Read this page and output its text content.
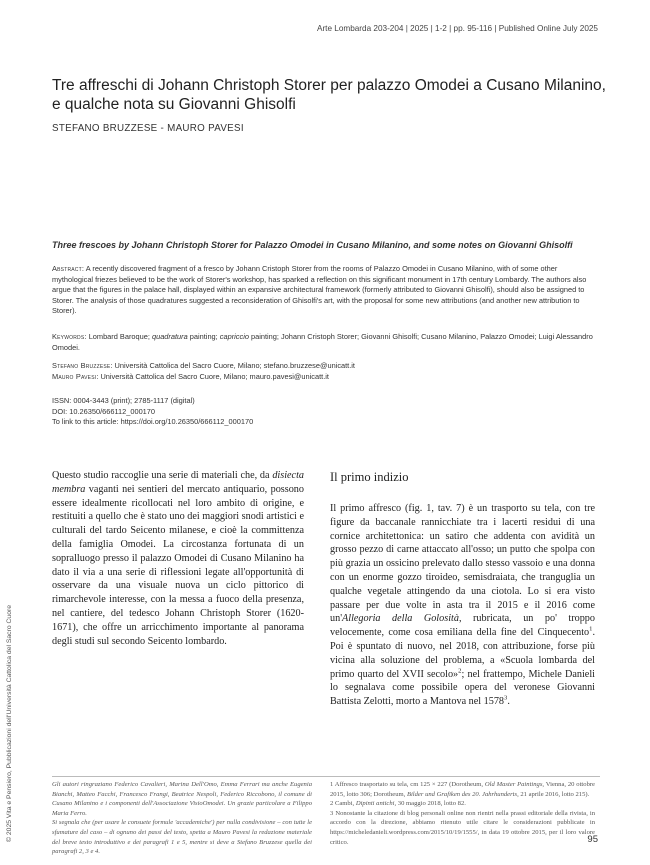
Arte Lombarda 203-204 | 2025 | 1-2 | pp. 95-116 | Published Online July 2025
Tre affreschi di Johann Christoph Storer per palazzo Omodei a Cusano Milanino,
e qualche nota su Giovanni Ghisolfi
STEFANO BRUZZESE - MAURO PAVESI
Three frescoes by Johann Christoph Storer for Palazzo Omodei in Cusano Milanino, and some notes on Giovanni Ghisolfi
Abstract: A recently discovered fragment of a fresco by Johann Cristoph Storer from the rooms of Palazzo Omodei in Cusano Milanino, with of some other mythological friezes believed to be the work of Storer's workshop, has sparked a reflection on this significant monument in 17th century Lombardy. The authors also argue that the figures in the palace hall, displayed within an expansive architectural framework (formerly attributed to Giovanni Ghisolfi), should also be assigned to Storer. The analysis of those quadratures suggested a reconsideration of Ghisolfi's art, with the proposal for some new attributions (and another new attribution to Storer).
Keywords: Lombard Baroque; quadratura painting; capriccio painting; Johann Cristoph Storer; Giovanni Ghisolfi; Cusano Milanino, Palazzo Omodei; Luigi Alessandro Omodei.
Stefano Bruzzese: Università Cattolica del Sacro Cuore, Milano; stefano.bruzzese@unicatt.it
Mauro Pavesi: Università Cattolica del Sacro Cuore, Milano; mauro.pavesi@unicatt.it
ISSN: 0004-3443 (print); 2785-1117 (digital)
DOI: 10.26350/666112_000170
To link to this article: https://doi.org/10.26350/666112_000170

Questo studio raccoglie una serie di materiali che, da disiecta membra vaganti nei sentieri del mercato antiquario, possono essere idealmente ricollocati nel loro ambito di origine, e restituiti a quello che è stato uno dei maggiori snodi artistici e culturali del tardo Seicento milanese, e cioè la committenza della famiglia Omodei. La circostanza fortunata di un sopralluogo presso il palazzo Omodei di Cusano Milanino ha dato il via a una serie di riflessioni legate all'opportunità di osservare da una visuale nuova un ciclo pittorico di rimarchevole interesse, con la messa a fuoco della presenza, nel cantiere, del tedesco Johann Christoph Storer (1620-1671), che offre un arricchimento importante al panorama degli studi sul secondo Seicento lombardo.

Il primo indizio

Il primo affresco (fig. 1, tav. 7) è un trasporto su tela, con tre figure da baccanale rannicchiate tra i lacerti residui di una cornice architettonica: un satiro che addenta con avidità un grosso pezzo di carne attaccato all'osso; un putto che spolpa con più grazia un ossicino prelevato dallo stesso vassoio e una donna con un enorme gozzo tiroideo, semisdraiata, che tranguglia un qualche vegetale attingendo da una ciotola. Lo si era visto passare per due volte in asta tra il 2015 e il 2016 come un'Allegoria della Golosità, rubricata, un po' troppo velocemente, come cosa emiliana della fine del Cinquecento$^1$. Poi è spuntato di nuovo, nel 2018, con attribuzione, forse più vicina alla soluzione del problema, a «Scuola lombarda del primo quarto del XVII secolo»$^2$; nel frattempo, Michele Danieli lo segnalava come possibile opera del veronese Giovanni Battista Zelotti, morto a Mantova nel 1578$^3$.

Gli autori ringraziano Federico Cavalieri, Marina Dell'Omo, Emma Ferrari ma anche Eugenia Bianchi, Matteo Facchi, Francesco Frangi, Beatrice Nespoli, Federico Riccobono, il comune di Cusano Milanino e i componenti dell'Associazione VisioOmodei. Un grazie particolare a Filippo Maria Ferro.

Si segnala che (per usare le consuete formule 'accademiche') per nulla condivisione – con tutte le sfumature del caso – di ognuno dei passi del testo, spetta a Mauro Pavesi la redazione materiale del breve testo introduttivo e dei paragrafi 1 e 5, mentre si deve a Stefano Bruzzese quella dei paragrafi 2, 3 e 4.

1 Affresco trasportato su tela, cm 125 × 227 (Dorotheum, Old Master Paintings, Vienna, 20 ottobre 2015, lotto 306; Dorotheum, Bilder und Grafiken des 20. Jahrhunderts, 21 aprile 2016, lotto 215).

2 Cambi, Dipinti antichi, 30 maggio 2018, lotto 82.

3 Nonostante la citazione di blog personali online non rientri nella prassi editoriale della rivista, in accordo con la direzione, abbiamo ritenuto utile citare le considerazioni pubblicate in https://micheledanieli.wordpress.com/2015/10/19/1555/, in data 19 ottobre 2015, per il loro valore critico.	95
© 2025 Vita e Pensiero, Pubblicazioni dell'Università Cattolica del Sacro Cuore
